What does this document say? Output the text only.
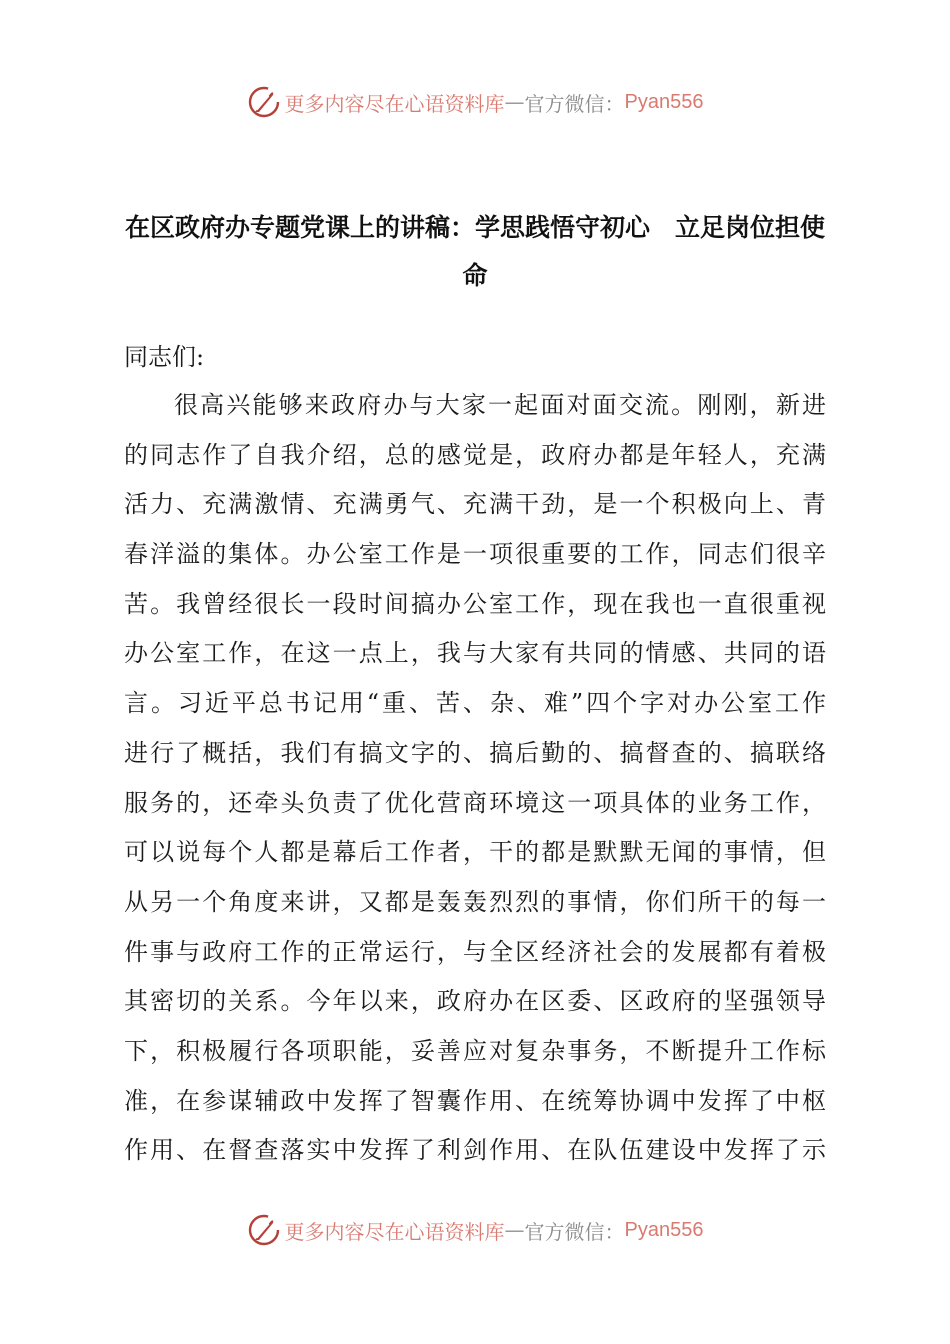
更多内容尽在心语资料库 — 官方微信： Pyan556
在区政府办专题党课上的讲稿：学思践悟守初心　立足岗位担使命

同志们:

很高兴能够来政府办与大家一起面对面交流。刚刚，新进
的同志作了自我介绍，总的感觉是，政府办都是年轻人，充满
活力、充满激情、充满勇气、充满干劲，是一个积极向上、青
春洋溢的集体。办公室工作是一项很重要的工作，同志们很辛
苦。我曾经很长一段时间搞办公室工作，现在我也一直很重视
办公室工作，在这一点上，我与大家有共同的情感、共同的语
言。习近平总书记用“重、苦、杂、难”四个字对办公室工作
进行了概括，我们有搞文字的、搞后勤的、搞督查的、搞联络
服务的，还牵头负责了优化营商环境这一项具体的业务工作，
可以说每个人都是幕后工作者，干的都是默默无闻的事情，但
从另一个角度来讲，又都是轰轰烈烈的事情，你们所干的每一
件事与政府工作的正常运行，与全区经济社会的发展都有着极
其密切的关系。今年以来，政府办在区委、区政府的坚强领导
下，积极履行各项职能，妥善应对复杂事务，不断提升工作标
准，在参谋辅政中发挥了智囊作用、在统筹协调中发挥了中枢
作用、在督查落实中发挥了利剑作用、在队伍建设中发挥了示
更多内容尽在心语资料库 — 官方微信： Pyan556
